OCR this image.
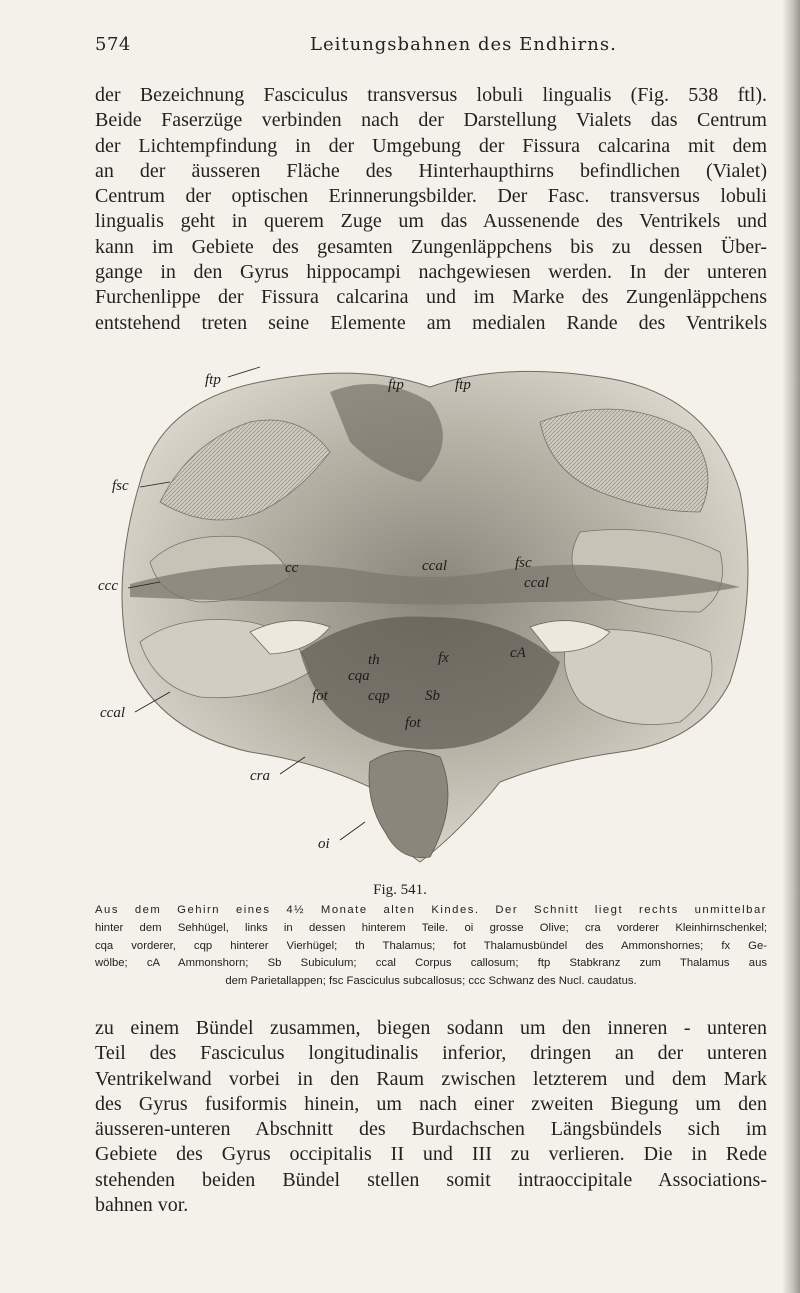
574	Leitungsbahnen des Endhirns.
der Bezeichnung Fasciculus transversus lobuli lingualis (Fig. 538 ftl).
Beide Faserzüge verbinden nach der Darstellung Vialets das Centrum
der Lichtempfindung in der Umgebung der Fissura calcarina mit dem
an der äusseren Fläche des Hinterhaupthirns befindlichen (Vialet)
Centrum der optischen Erinnerungsbilder. Der Fasc. transversus lobuli
lingualis geht in querem Zuge um das Aussenende des Ventrikels und
kann im Gebiete des gesamten Zungenläppchens bis zu dessen Über-
gange in den Gyrus hippocampi nachgewiesen werden. In der unteren
Furchenlippe der Fissura calcarina und im Marke des Zungenläppchens
entstehend treten seine Elemente am medialen Rande des Ventrikels
ftp	ftp	ftp
fsc
ccc
cc
ccal
fsc
ccal
ccal
th	fx	cA
cqa
fot	cqp Sb
fot
cra
oi
Fig. 541.
Aus dem Gehirn eines 4½ Monate alten Kindes. Der Schnitt liegt rechts unmittelbar
hinter dem Sehhügel, links in dessen hinterem Teile. oi grosse Olive; cra vorderer Kleinhirnschenkel;
cqa vorderer, cqp hinterer Vierhügel; th Thalamus; fot Thalamusbündel des Ammonshornes; fx Ge-
wölbe; cA Ammonshorn; Sb Subiculum; ccal Corpus callosum; ftp Stabkranz zum Thalamus aus
dem Parietallappen; fsc Fasciculus subcallosus; ccc Schwanz des Nucl. caudatus.
zu einem Bündel zusammen, biegen sodann um den inneren - unteren
Teil des Fasciculus longitudinalis inferior, dringen an der unteren
Ventrikelwand vorbei in den Raum zwischen letzterem und dem Mark
des Gyrus fusiformis hinein, um nach einer zweiten Biegung um den
äusseren-unteren Abschnitt des Burdachschen Längsbündels sich im
Gebiete des Gyrus occipitalis II und III zu verlieren. Die in Rede
stehenden beiden Bündel stellen somit intraoccipitale Associations-
bahnen vor.
